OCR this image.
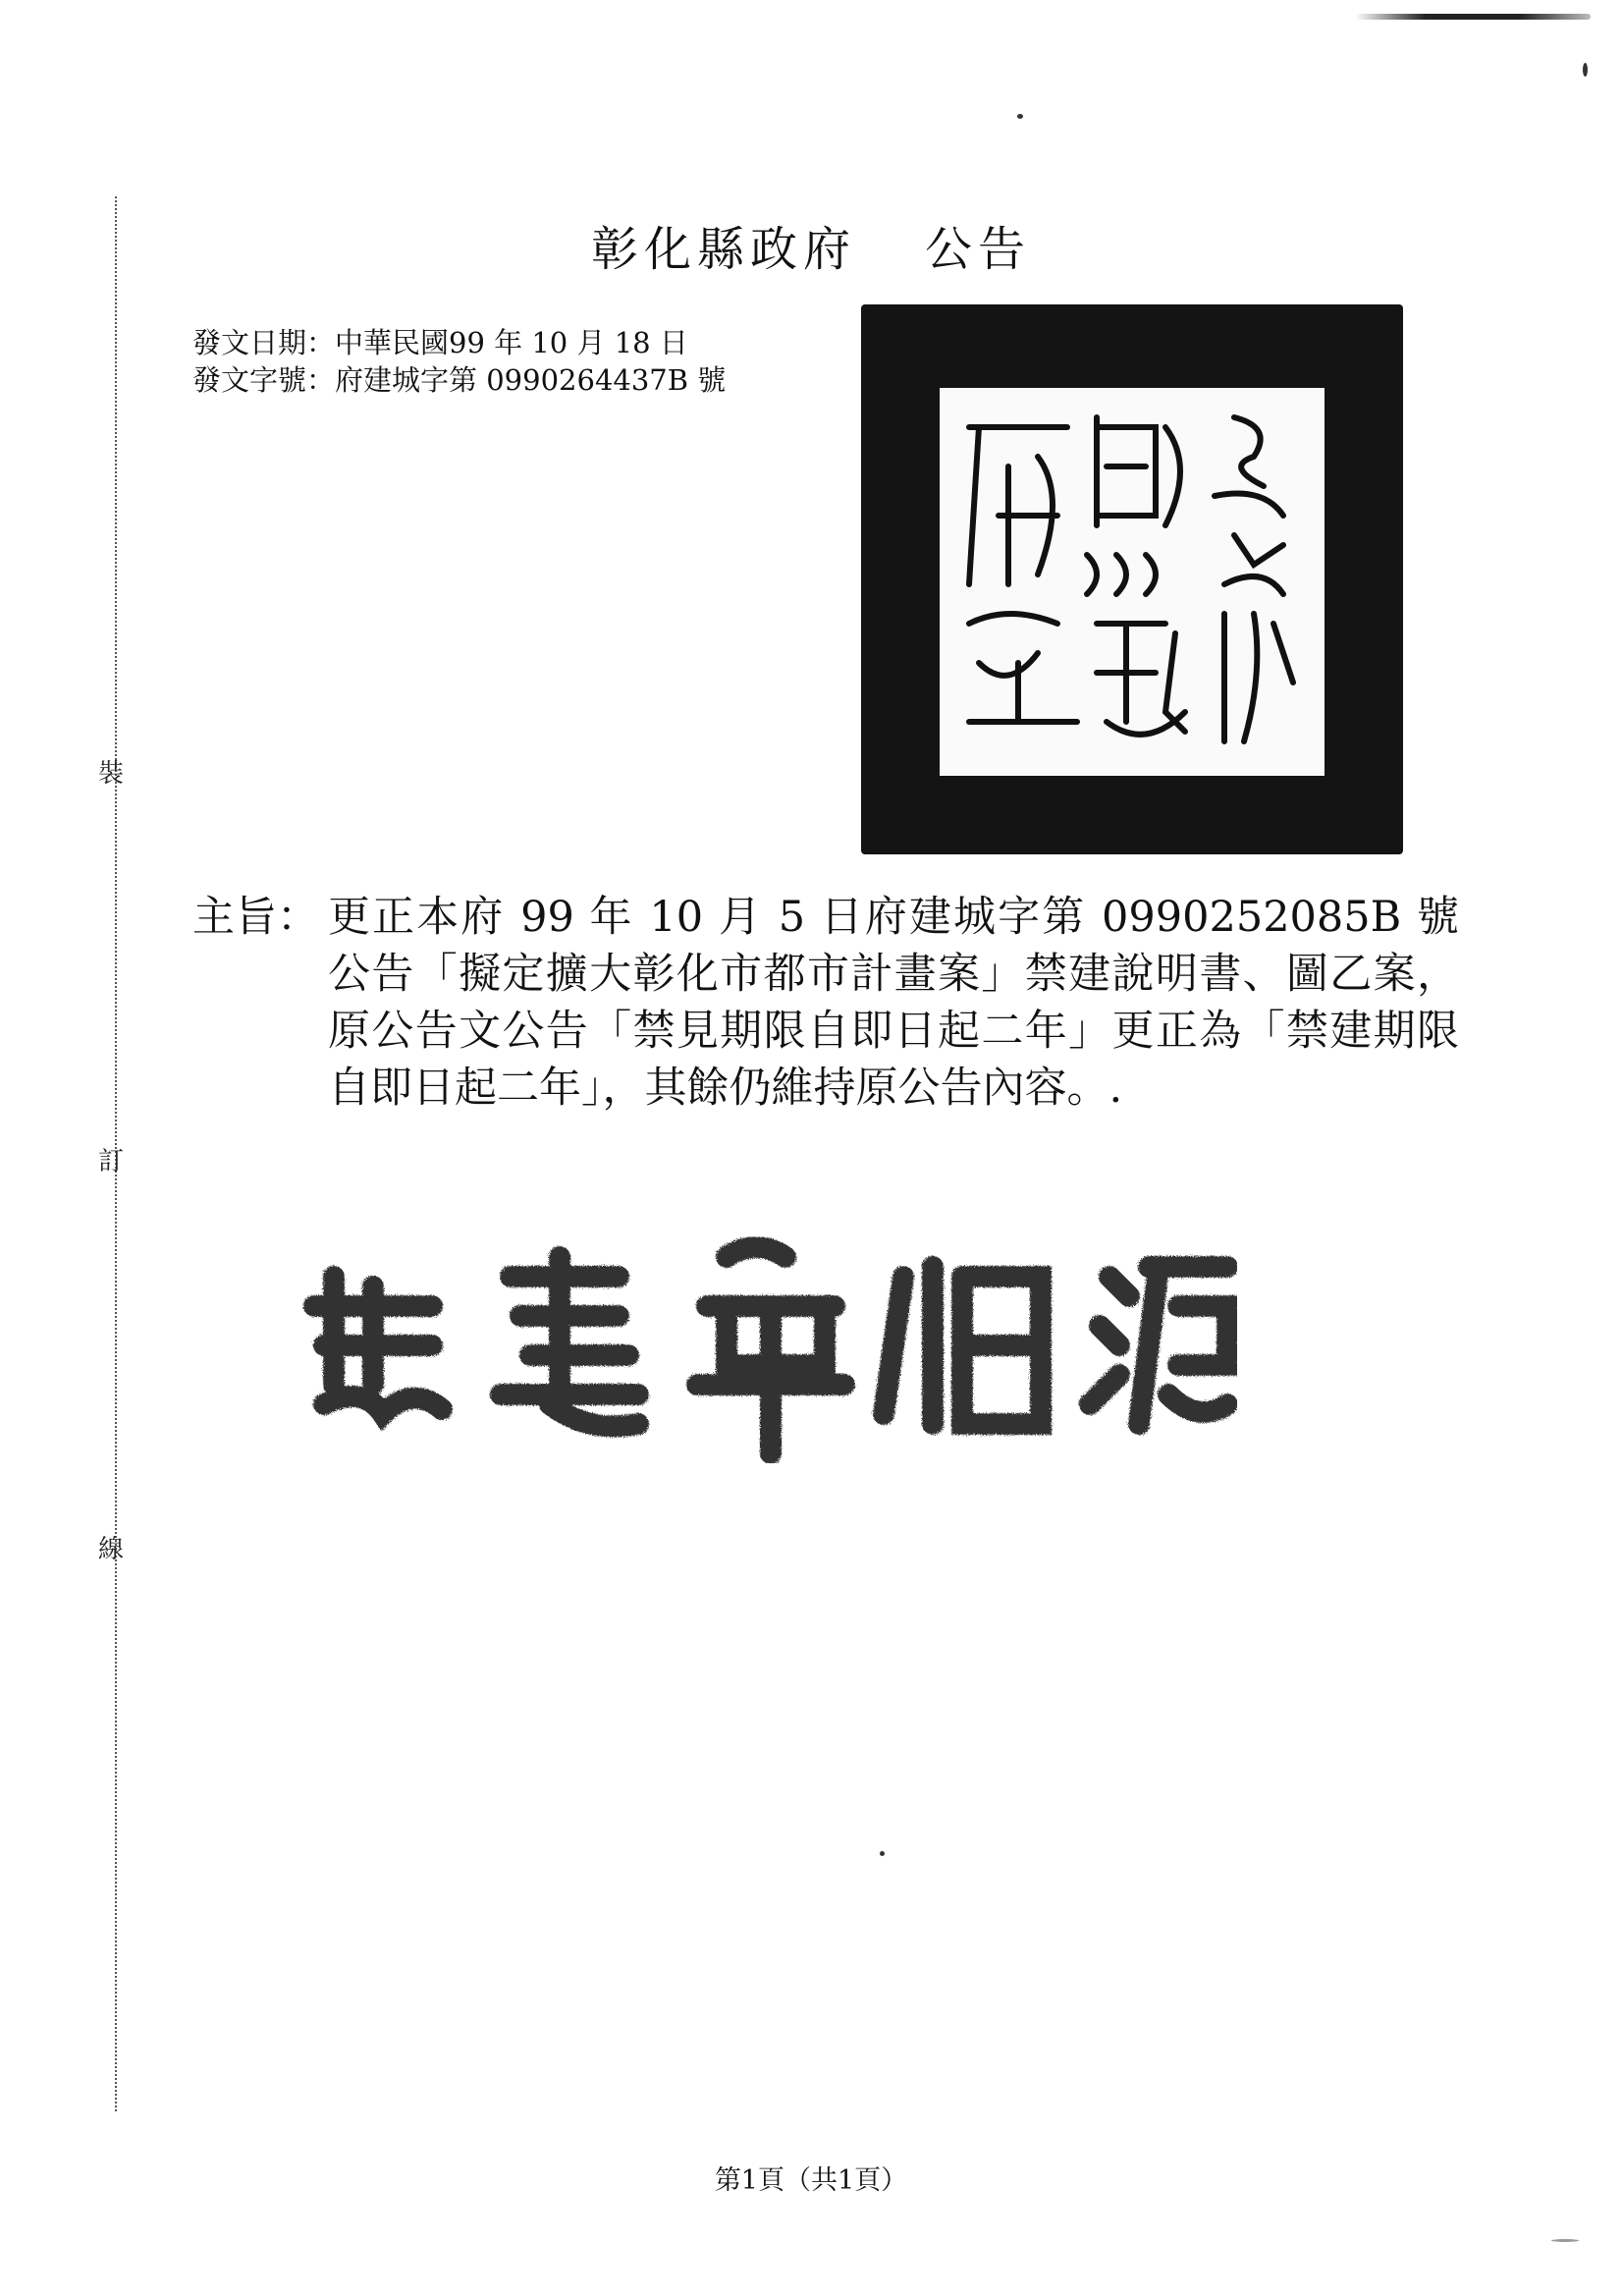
裝
訂
線
彰化縣政府 公告
發文日期：中華民國99 年 10 月 18 日
發文字號：府建城字第 0990264437B 號
主旨： 更正本府 99 年 10 月 5 日府建城字第 0990252085B 號公告「擬定擴大彰化市都市計畫案」禁建說明書、圖乙案，原公告文公告「禁見期限自即日起二年」更正為「禁建期限自即日起二年」，其餘仍維持原公告內容。.
第1頁（共1頁）
